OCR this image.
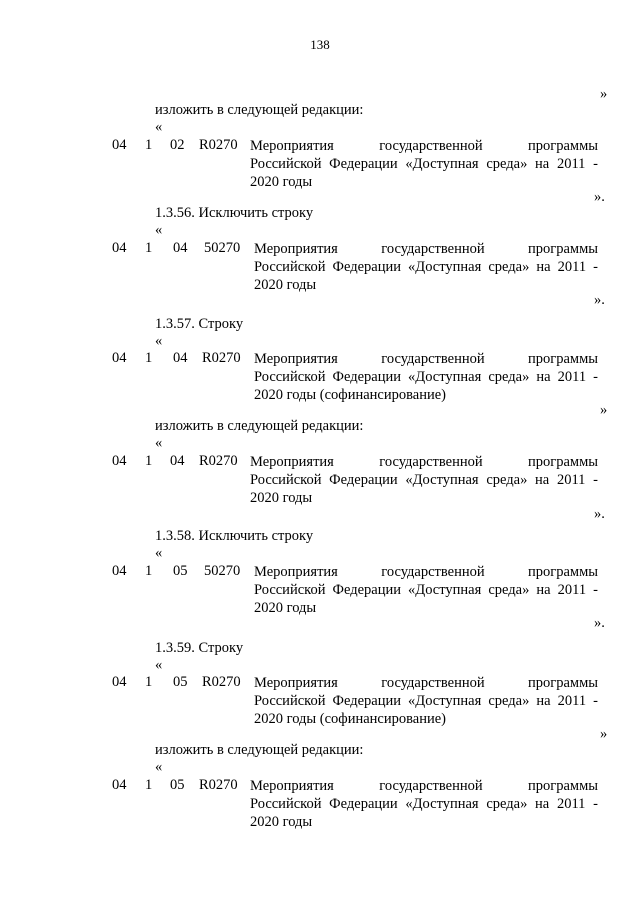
138
»
изложить в следующей редакции:
«
04 1 02 R0270 Мероприятия государственной программы
Российской Федерации «Доступная среда» на 2011 -
2020 годы
».
1.3.56. Исключить строку
«
04 1 04 50270 Мероприятия государственной программы
Российской Федерации «Доступная среда» на 2011 -
2020 годы
».
1.3.57. Строку
«
04 1 04 R0270 Мероприятия государственной программы
Российской Федерации «Доступная среда» на 2011 -
2020 годы (софинансирование)
»
изложить в следующей редакции:
«
04 1 04 R0270 Мероприятия государственной программы
Российской Федерации «Доступная среда» на 2011 -
2020 годы
».
1.3.58. Исключить строку
«
04 1 05 50270 Мероприятия государственной программы
Российской Федерации «Доступная среда» на 2011 -
2020 годы
».
1.3.59. Строку
«
04 1 05 R0270 Мероприятия государственной программы
Российской Федерации «Доступная среда» на 2011 -
2020 годы (софинансирование)
»
изложить в следующей редакции:
«
04 1 05 R0270 Мероприятия государственной программы
Российской Федерации «Доступная среда» на 2011 -
2020 годы
